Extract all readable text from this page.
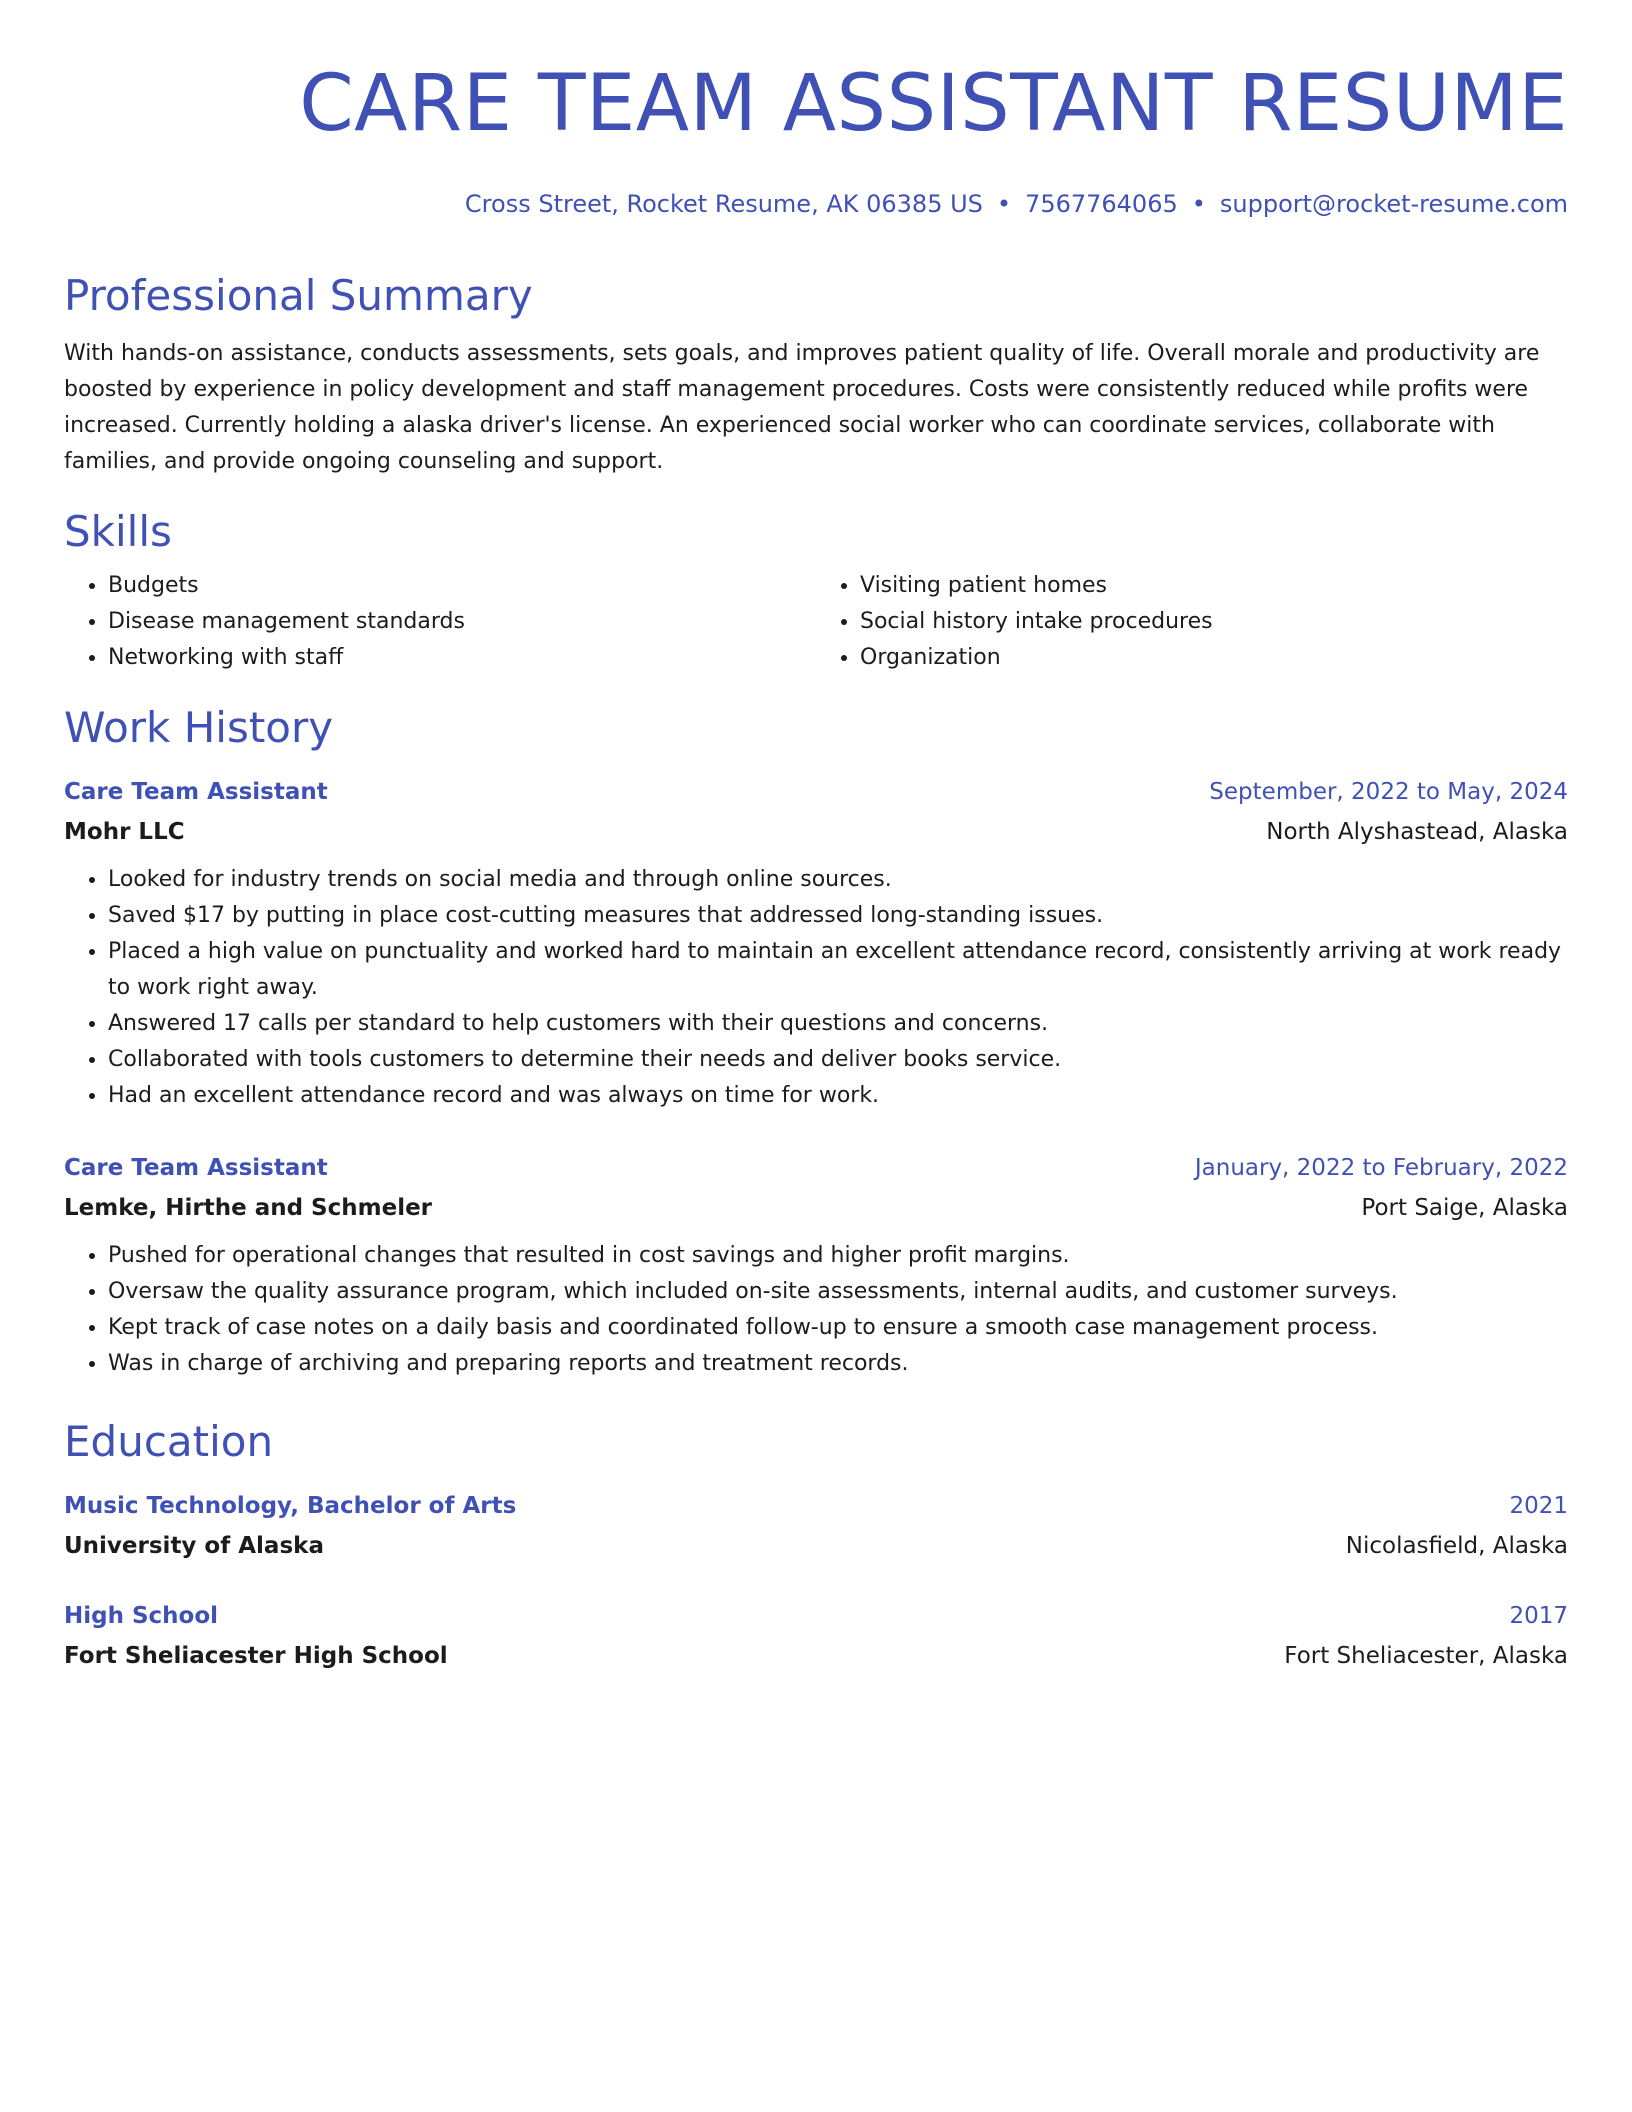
CARE TEAM ASSISTANT RESUME
Cross Street, Rocket Resume, AK 06385 US • 7567764065 • support@rocket-resume.com
Professional Summary

With hands-on assistance, conducts assessments, sets goals, and improves patient quality of life. Overall morale and productivity are boosted by experience in policy development and staff management procedures. Costs were consistently reduced while profits were increased. Currently holding a alaska driver's license. An experienced social worker who can coordinate services, collaborate with families, and provide ongoing counseling and support.

Skills
• Budgets
• Disease management standards
• Networking with staff
• Visiting patient homes
• Social history intake procedures
• Organization
Work History
Care Team Assistant	September, 2022 to May, 2024
Mohr LLC	North Alyshastead, Alaska
• Looked for industry trends on social media and through online sources.
• Saved $17 by putting in place cost-cutting measures that addressed long-standing issues.
• Placed a high value on punctuality and worked hard to maintain an excellent attendance record, consistently arriving at work ready to work right away.
• Answered 17 calls per standard to help customers with their questions and concerns.
• Collaborated with tools customers to determine their needs and deliver books service.
• Had an excellent attendance record and was always on time for work.
Care Team Assistant	January, 2022 to February, 2022
Lemke, Hirthe and Schmeler	Port Saige, Alaska
• Pushed for operational changes that resulted in cost savings and higher profit margins.
• Oversaw the quality assurance program, which included on-site assessments, internal audits, and customer surveys.
• Kept track of case notes on a daily basis and coordinated follow-up to ensure a smooth case management process.
• Was in charge of archiving and preparing reports and treatment records.
Education
Music Technology, Bachelor of Arts	2021
University of Alaska	Nicolasfield, Alaska
High School	2017
Fort Sheliacester High School	Fort Sheliacester, Alaska
